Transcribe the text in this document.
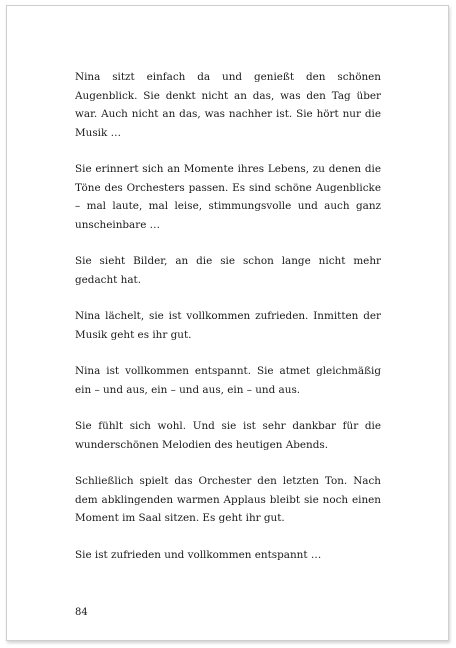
Nina sitzt einfach da und genießt den schönen Augenblick. Sie denkt nicht an das, was den Tag über war. Auch nicht an das, was nachher ist. Sie hört nur die Musik …

Sie erinnert sich an Momente ihres Lebens, zu denen die Töne des Orchesters passen. Es sind schöne Augenblicke – mal laute, mal leise, stimmungsvolle und auch ganz unscheinbare …

Sie sieht Bilder, an die sie schon lange nicht mehr gedacht hat.

Nina lächelt, sie ist vollkommen zufrieden. Inmitten der Musik geht es ihr gut.

Nina ist vollkommen entspannt. Sie atmet gleichmäßig ein – und aus, ein – und aus, ein – und aus.

Sie fühlt sich wohl. Und sie ist sehr dankbar für die wunderschönen Melodien des heutigen Abends.

Schließlich spielt das Orchester den letzten Ton. Nach dem abklingenden warmen Applaus bleibt sie noch einen Moment im Saal sitzen. Es geht ihr gut.

Sie ist zufrieden und vollkommen entspannt …

84
